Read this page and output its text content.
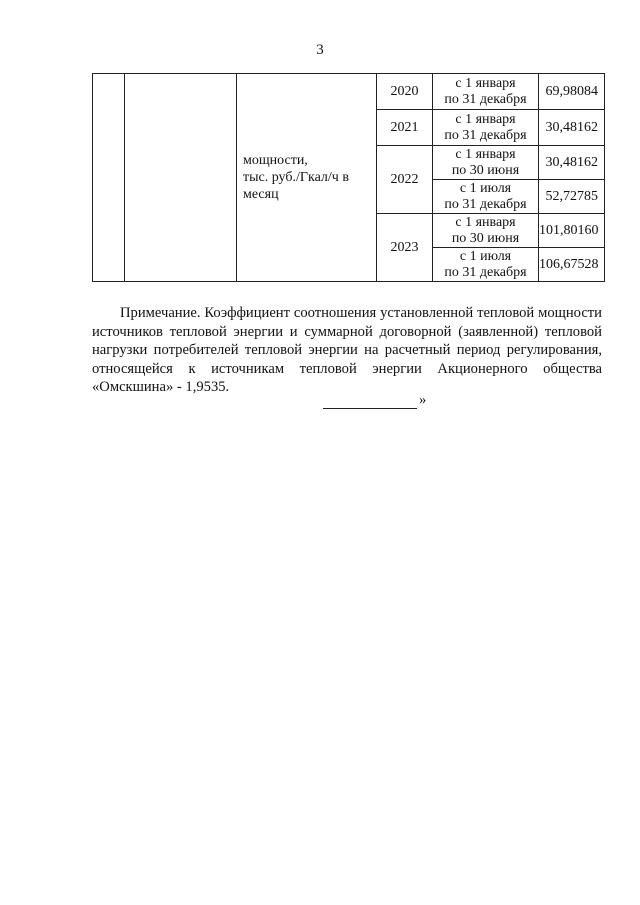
3

		мощности,
тыс. руб./Гкал/ч в
месяц	2020	с 1 января
по 31 декабря	69,98084
			2021	с 1 января
по 31 декабря	30,48162
			2022	с 1 января
по 30 июня	30,48162

				с 1 июля
по 31 декабря	52,72785
			2023	с 1 января
по 30 июня	101,80160

				с 1 июля
по 31 декабря	106,67528
Примечание. Коэффициент соотношения установленной тепловой мощности источников тепловой энергии и суммарной договорной (заявленной) тепловой нагрузки потребителей тепловой энергии на расчетный период регулирования, относящейся к источникам тепловой энергии Акционерного общества «Омскшина» - 1,9535.
»
